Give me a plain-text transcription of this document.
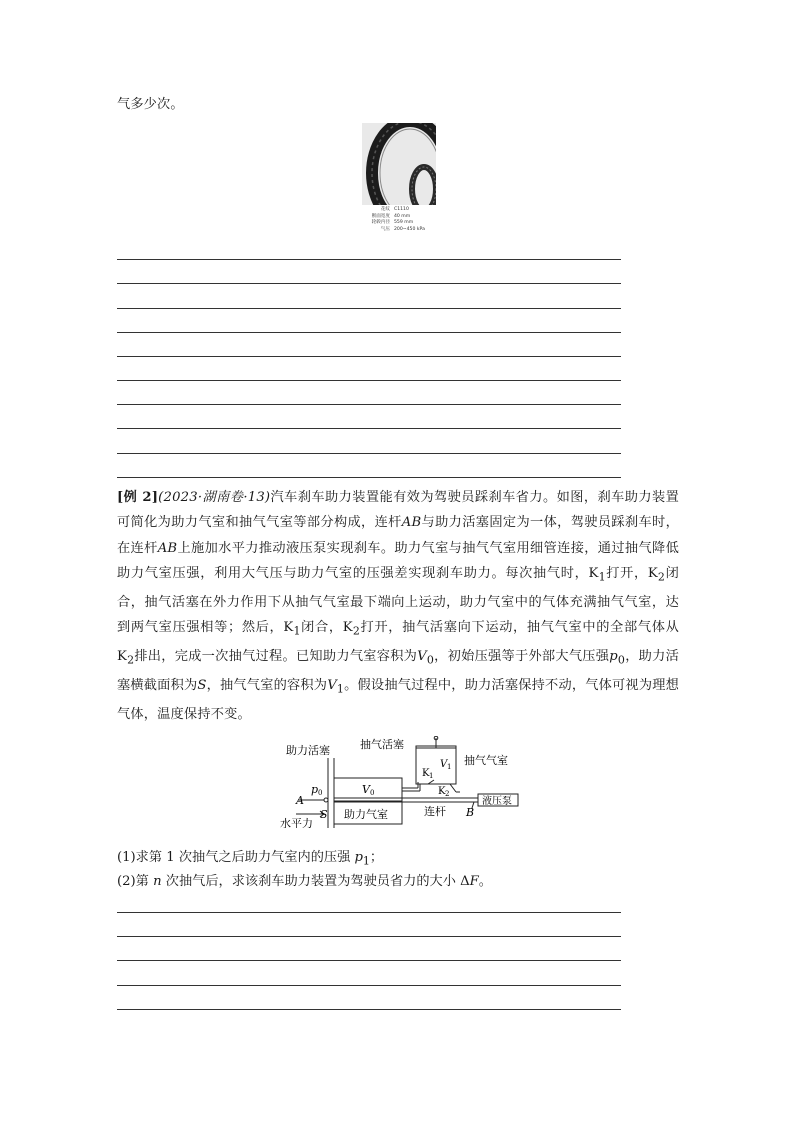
气多少次。
花纹 C1110
断面宽度 40 mm
轮毂内径 559 mm
气压 200~450 kPa
[例 2](2023·湖南卷·13)汽车刹车助力装置能有效为驾驶员踩刹车省力。如图，刹车助力装置可简化为助力气室和抽气气室等部分构成，连杆AB与助力活塞固定为一体，驾驶员踩刹车时，在连杆AB上施加水平力推动液压泵实现刹车。助力气室与抽气气室用细管连接，通过抽气降低助力气室压强，利用大气压与助力气室的压强差实现刹车助力。每次抽气时，$K_1$打开，$K_2$闭合，抽气活塞在外力作用下从抽气气室最下端向上运动，助力气室中的气体充满抽气气室，达到两气室压强相等；然后，$K_1$闭合，$K_2$打开，抽气活塞向下运动，抽气气室中的全部气体从 $K_2$排出，完成一次抽气过程。已知助力气室容积为$V_0$，初始压强等于外部大气压强$p_0$，助力活塞横截面积为S，抽气气室的容积为$V_1$。假设抽气过程中，助力活塞保持不动，气体可视为理想气体，温度保持不变。
助力活塞	抽气活塞
抽气气室
V 1
K 1
K 2
V 0
p 0
A
助力气室
S	连杆
液压泵
B
水平力
(1)求第 1 次抽气之后助力气室内的压强 $p_1$；
(2)第 n 次抽气后，求该刹车助力装置为驾驶员省力的大小 ΔF。
